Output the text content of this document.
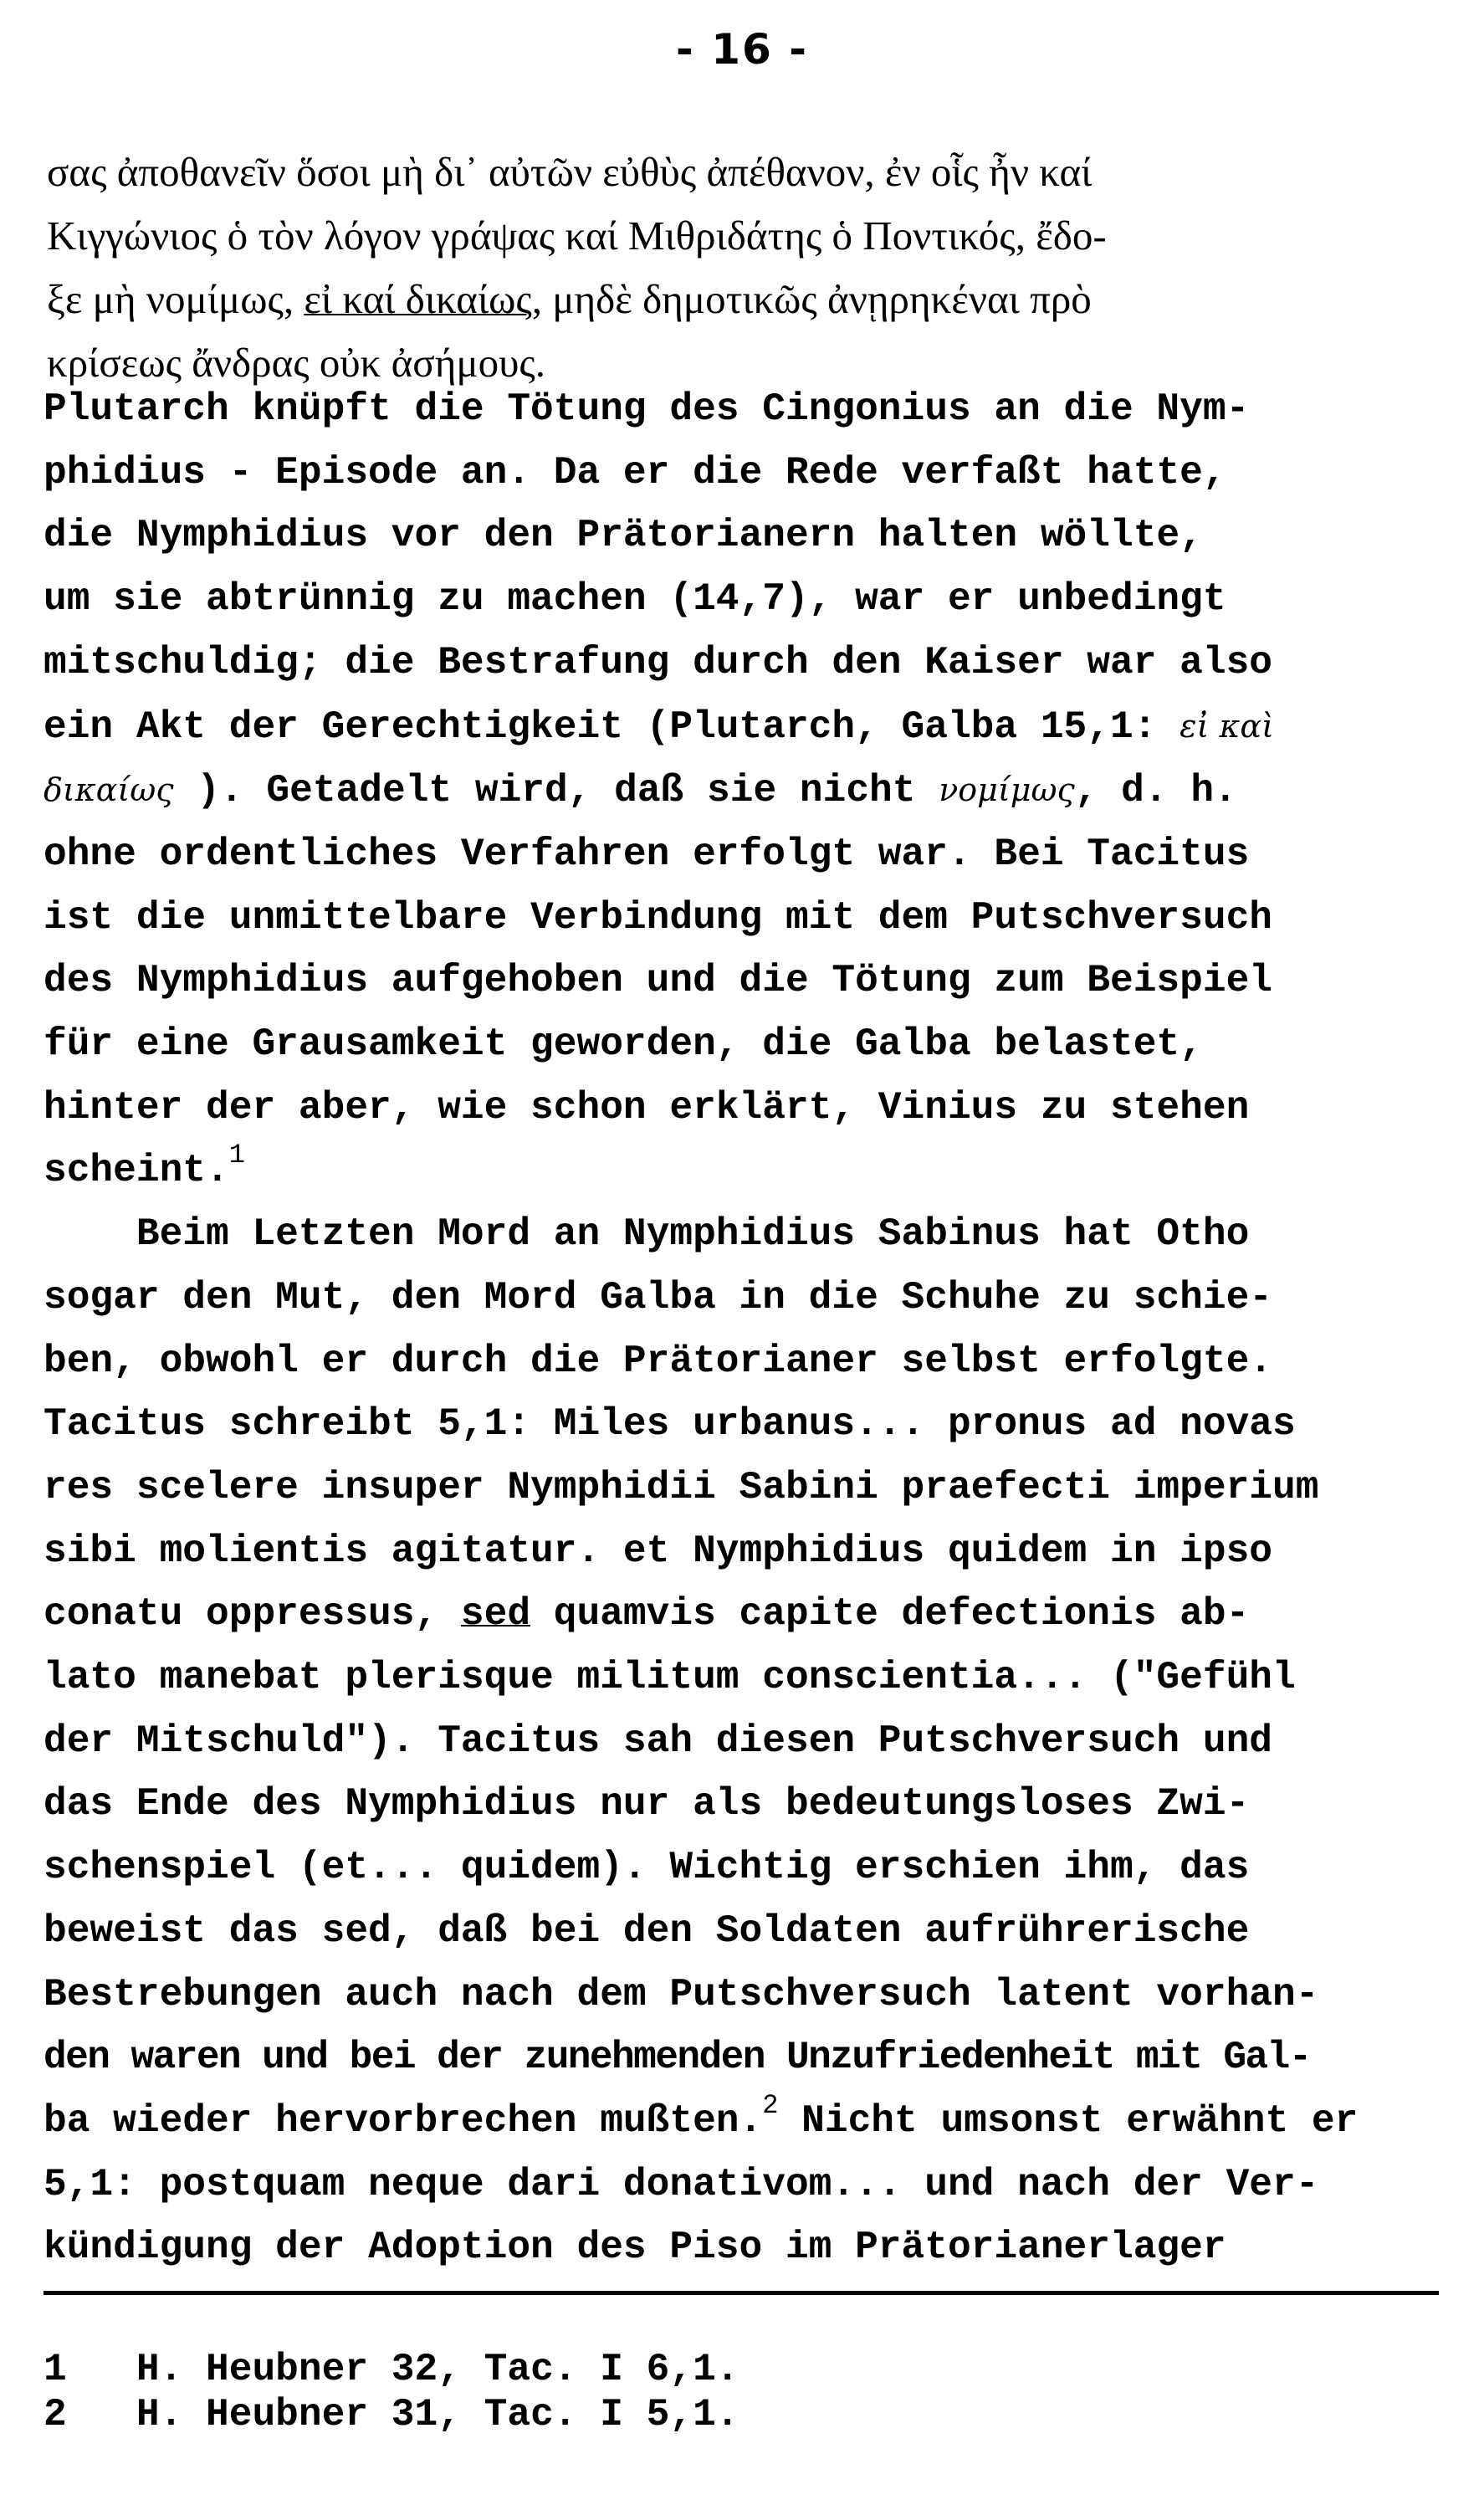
- 16 -
σας ἀποθανεῖν ὅσοι μὴ δι᾽ αὐτῶν εὐθὺς ἀπέθανον, ἐν οἷς ἦν καί
Κιγγώνιος ὁ τὸν λόγον γράψας καί Μιθριδάτης ὁ Ποντικός, ἔδο-
ξε μὴ νομίμως, εἰ καί δικαίως, μηδὲ δημοτικῶς ἀνῃρηκέναι πρὸ
κρίσεως ἄνδρας οὐκ ἀσήμους.
Plutarch knüpft die Tötung des Cingonius an die Nym-
phidius - Episode an. Da er die Rede verfaßt hatte,
die Nymphidius vor den Prätorianern halten wöllte,
um sie abtrünnig zu machen (14,7), war er unbedingt
mitschuldig; die Bestrafung durch den Kaiser war also
ein Akt der Gerechtigkeit (Plutarch, Galba 15,1: εἰ καὶ
δικαίως ). Getadelt wird, daß sie nicht νομίμως, d. h.
ohne ordentliches Verfahren erfolgt war. Bei Tacitus
ist die unmittelbare Verbindung mit dem Putschversuch
des Nymphidius aufgehoben und die Tötung zum Beispiel
für eine Grausamkeit geworden, die Galba belastet,
hinter der aber, wie schon erklärt, Vinius zu stehen
scheint.$^1$
Beim Letzten Mord an Nymphidius Sabinus hat Otho
sogar den Mut, den Mord Galba in die Schuhe zu schie-
ben, obwohl er durch die Prätorianer selbst erfolgte.
Tacitus schreibt 5,1: Miles urbanus... pronus ad novas
res scelere insuper Nymphidii Sabini praefecti imperium
sibi molientis agitatur. et Nymphidius quidem in ipso
conatu oppressus, sed quamvis capite defectionis ab-
lato manebat plerisque militum conscientia... ("Gefühl
der Mitschuld"). Tacitus sah diesen Putschversuch und
das Ende des Nymphidius nur als bedeutungsloses Zwi-
schenspiel (et... quidem). Wichtig erschien ihm, das
beweist das sed, daß bei den Soldaten aufrührerische
Bestrebungen auch nach dem Putschversuch latent vorhan-
den waren und bei der zunehmenden Unzufriedenheit mit Gal-
ba wieder hervorbrechen mußten.$^2$ Nicht umsonst erwähnt er
5,1: postquam neque dari donativom... und nach der Ver-
kündigung der Adoption des Piso im Prätorianerlager
1 H. Heubner 32, Tac. I 6,1.
2 H. Heubner 31, Tac. I 5,1.
